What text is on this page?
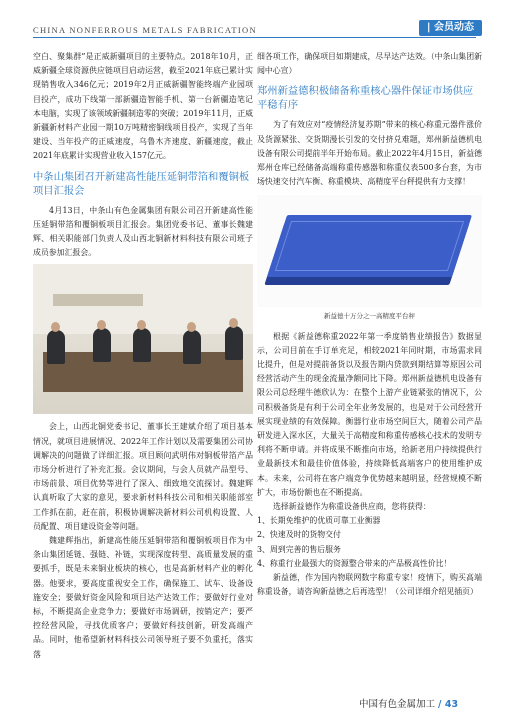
CHINA NONFERROUS METALS FABRICATION	| 会员动态

空白、聚集群”是正威新疆项目的主要特点。2018年10月，正威新疆全球资源供应链项目启动运营，截至2021年底已累计实现销售收入346亿元；2019年2月正威新疆智能终端产业园项目投产，成功下线第一部新疆造智能手机、第一台新疆造笔记本电脑，实现了该领域新疆制造零的突破；2019年11月，正威新疆新材料产业园一期10万吨精密铜线项目投产，实现了当年建设、当年投产的正威速度，乌鲁木齐速度、新疆速度，截止2021年底累计实现营业收入157亿元。

中条山集团召开新建高性能压延铜带箔和覆铜板项目汇报会

4月13日，中条山有色金属集团有限公司召开新建高性能压延铜带箔和覆铜板项目汇报会。集团党委书记、董事长魏建辉、相关职能部门负责人及山西北铜新材料科技有限公司班子成员参加汇报会。

会上，山西北铜党委书记、董事长王建斌介绍了项目基本情况，就项目进展情况、2022年工作计划以及需要集团公司协调解决的问题做了详细汇报。项目顾问武明伟对铜板带箔产品市场分析进行了补充汇报。会议期间，与会人员就产品型号、市场前景、项目优势等进行了深入、细致地交流探讨。魏建辉认真听取了大家的意见，要求新材料科技公司和相关职能部室工作抓在前，赶在前，积极协调解决新材料公司机构设置、人员配置、项目建设资金等问题。

魏建辉指出，新建高性能压延铜带箔和覆铜板项目作为中条山集团延链、强链、补链，实现深度转型、高质量发展的重要抓手，既是未来铜业板块的核心，也是高新材料产业的孵化器。他要求，要高度重视安全工作，确保施工、试车、设备设施安全；要做好资金风险和项目达产达效工作；要做好行业对标，不断提高企业竞争力；要做好市场调研，按销定产；要严控经营风险，寻找优质客户；要做好科技创新，研发高端产品。同时，他希望新材料科技公司领导班子要不负重托，落实落

细各项工作，确保项目如期建成，尽早达产达效。（中条山集团新闻中心宣）

郑州新益德积极储备称重核心器件保证市场供应平稳有序

为了有效应对“疫情经济复苏期”带来的核心称重元器件涨价及货源紧张、交货期漫长引发的交付挤兑难题，郑州新益德机电设备有限公司提前半年开始布局。截止2022年4月15日，新益德郑州仓库已经储备高端称重传感器和称重仪表500多台套，为市场快速交付汽车衡、称重模块、高精度平台秤提供有力支撑！

新益德十万分之一高精度平台秤

根据《新益德称重2022年第一季度销售业绩报告》数据显示，公司目前在手订单充足，相较2021年同时期，市场需求同比提升，但是对提前备货以及报告期内贷款到期结算等原因公司经营活动产生的现金流量净额同比下降。郑州新益德机电设备有限公司总经理牛德欣认为：在整个上游产业链紧张的情况下，公司积极备货是有利于公司全年业务发展的，也是对于公司经营开展实现业绩的有效保障。衡器行业市场空间巨大，随着公司产品研发进入深水区，大量关于高精度和称重传感核心技术的发明专利将不断申请。并将成果不断推向市场，给新老用户持续提供行业最新技术和最佳价值体验，持续降低高端客户的使用维护成本。未来，公司将在客户端竞争优势越来越明显，经营规模不断扩大，市场份额也在不断提高。

选择新益德作为称重设备供应商，您将获得：

1、长期免维护的优质可靠工业衡器

2、快速及时的货物交付

3、周到完善的售后服务

4、称重行业最强大的资源整合带来的产品极高性价比！

新益德，作为国内物联网数字称重专家！疫情下，购买高端称重设备，请咨询新益德之后再选型！（公司详细介绍见插页）

中国有色金属加工 / 43
